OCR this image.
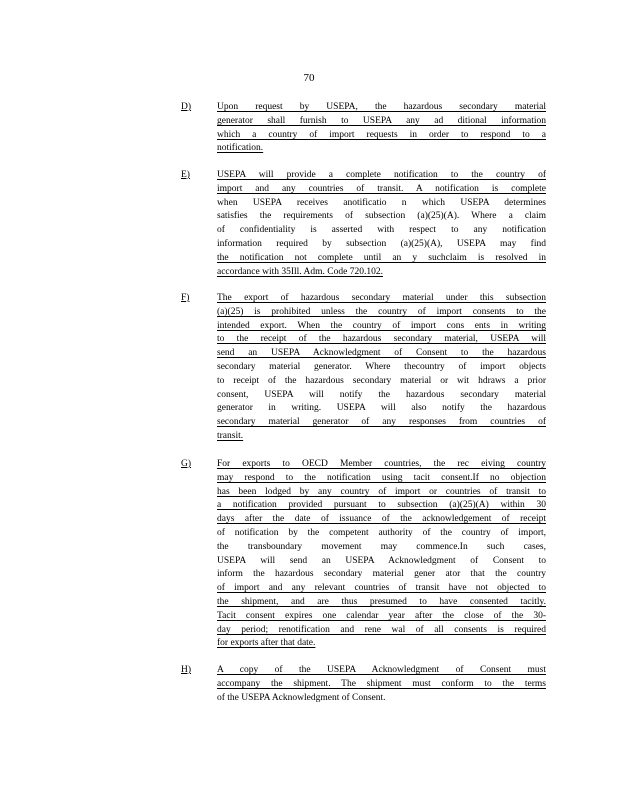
70
D)	Upon request by USEPA, the hazardous secondary material
generator shall furnish to USEPA any ad ditional information
which a country of import requests in order to respond to a
notification.
E)	USEPA will provide a complete notification to the country of
import and any countries of transit. A notification is complete
when USEPA receives anotificatio n which USEPA determines
satisfies the requirements of subsection (a)(25)(A). Where a claim
of confidentiality is asserted with respect to any notification
information required by subsection (a)(25)(A), USEPA may find
the notification not complete until an y suchclaim is resolved in
accordance with 35Ill. Adm. Code 720.102.
F)	The export of hazardous secondary material under this subsection
(a)(25) is prohibited unless the country of import consents to the
intended export. When the country of import cons ents in writing
to the receipt of the hazardous secondary material, USEPA will
send an USEPA Acknowledgment of Consent to the hazardous
secondary material generator. Where thecountry of import objects
to receipt of the hazardous secondary material or wit hdraws a prior
consent, USEPA will notify the hazardous secondary material
generator in writing. USEPA will also notify the hazardous
secondary material generator of any responses from countries of
transit.
G)	For exports to OECD Member countries, the rec eiving country
may respond to the notification using tacit consent.If no objection
has been lodged by any country of import or countries of transit to
a notification provided pursuant to subsection (a)(25)(A) within 30
days after the date of issuance of the acknowledgement of receipt
of notification by the competent authority of the country of import,
the transboundary movement may commence.In such cases,
USEPA will send an USEPA Acknowledgment of Consent to
inform the hazardous secondary material gener ator that the country
of import and any relevant countries of transit have not objected to
the shipment, and are thus presumed to have consented tacitly.
Tacit consent expires one calendar year after the close of the 30-
day period; renotification and rene wal of all consents is required
for exports after that date.
H)	A copy of the USEPA Acknowledgment of Consent must
accompany the shipment. The shipment must conform to the terms
of the USEPA Acknowledgment of Consent.
